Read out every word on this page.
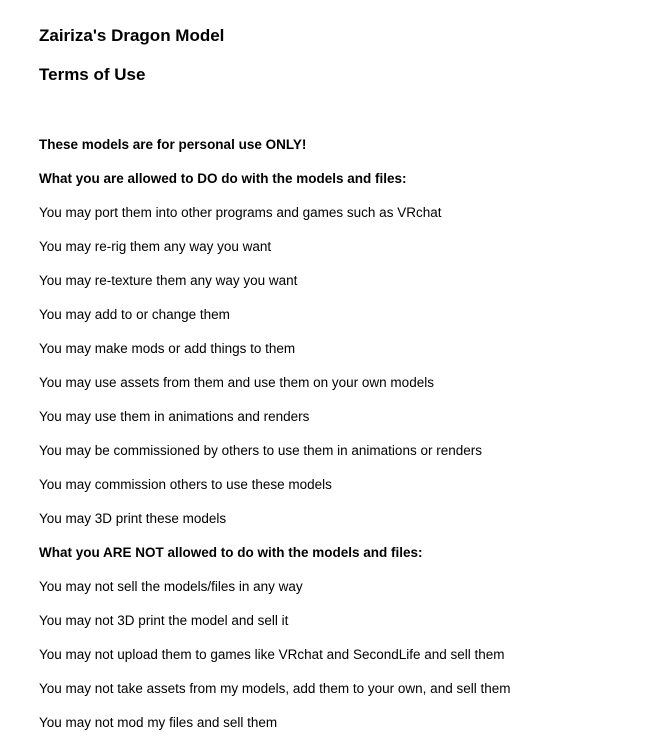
Zairiza's Dragon Model
Terms of Use
These models are for personal use ONLY!
What you are allowed to DO do with the models and files:
You may port them into other programs and games such as VRchat
You may re-rig them any way you want
You may re-texture them any way you want
You may add to or change them
You may make mods or add things to them
You may use assets from them and use them on your own models
You may use them in animations and renders
You may be commissioned by others to use them in animations or renders
You may commission others to use these models
You may 3D print these models
What you ARE NOT allowed to do with the models and files:
You may not sell the models/files in any way
You may not 3D print the model and sell it
You may not upload them to games like VRchat and SecondLife and sell them
You may not take assets from my models, add them to your own, and sell them
You may not mod my files and sell them
